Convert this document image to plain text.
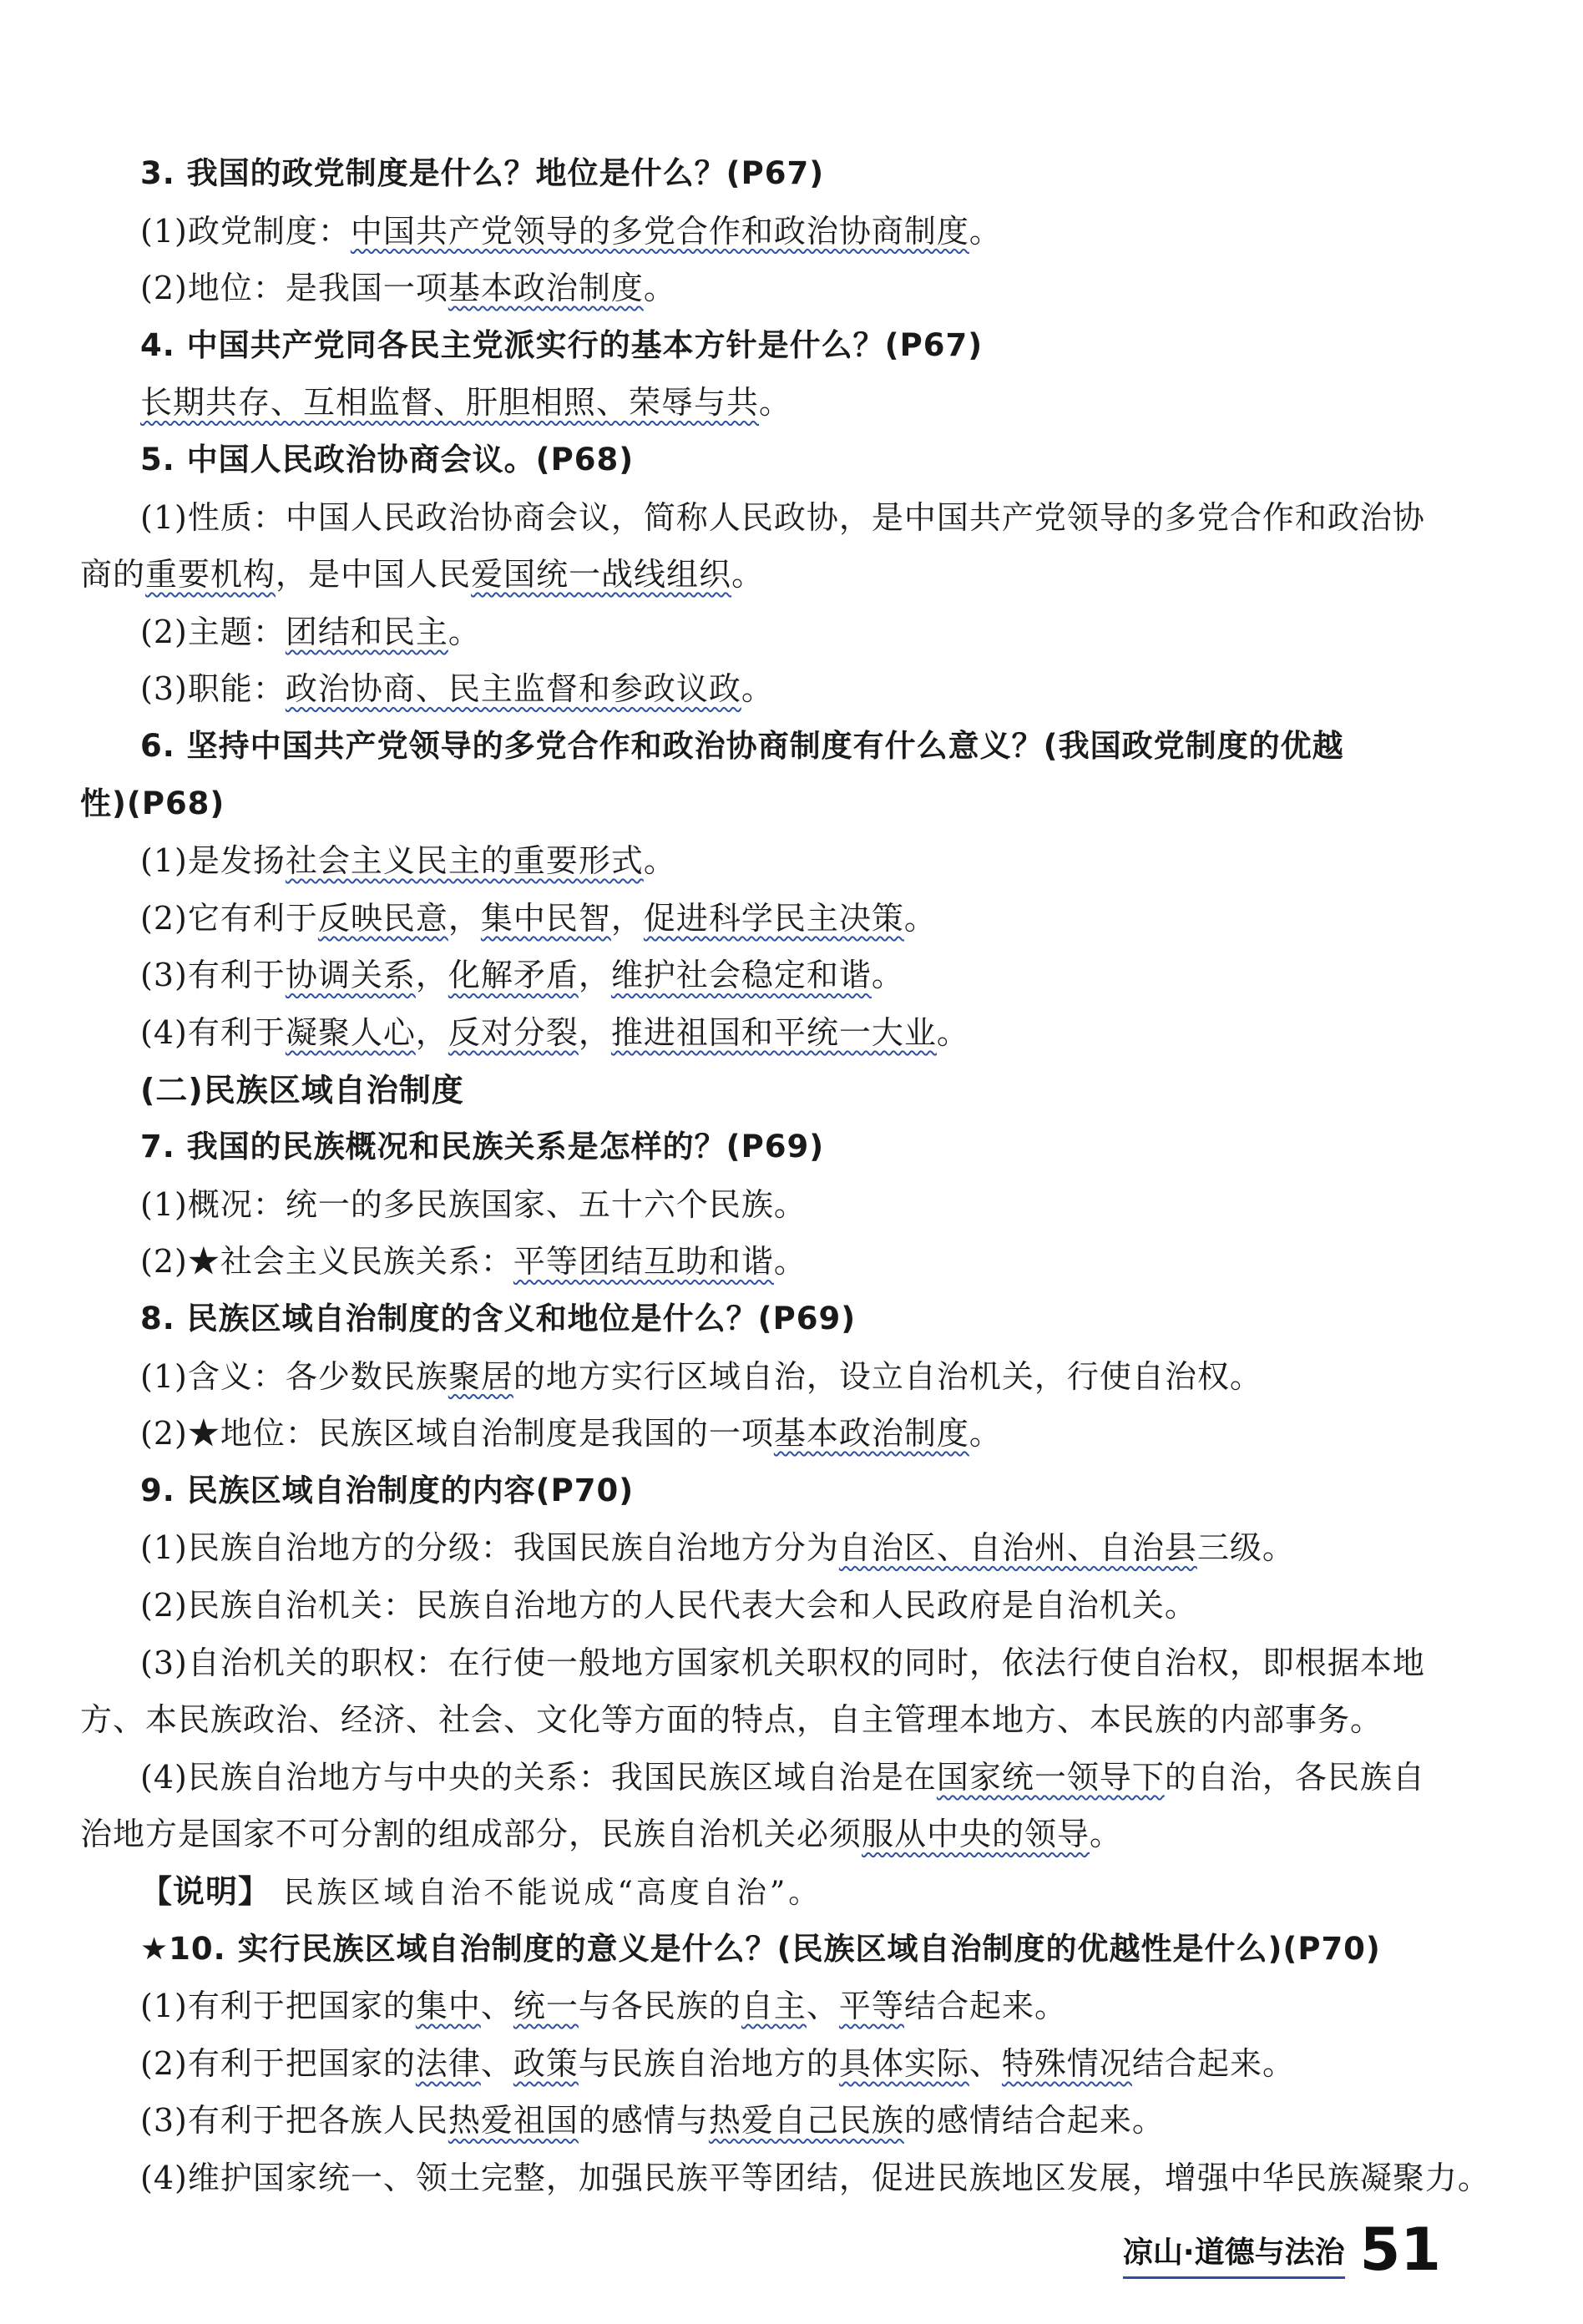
3. 我国的政党制度是什么？地位是什么？(P67)
(1)政党制度：中国共产党领导的多党合作和政治协商制度。
(2)地位：是我国一项基本政治制度。
4. 中国共产党同各民主党派实行的基本方针是什么？(P67)
长期共存、互相监督、肝胆相照、荣辱与共。
5. 中国人民政治协商会议。(P68)
(1)性质：中国人民政治协商会议，简称人民政协，是中国共产党领导的多党合作和政治协
商的重要机构，是中国人民爱国统一战线组织。
(2)主题：团结和民主。
(3)职能：政治协商、民主监督和参政议政。
6. 坚持中国共产党领导的多党合作和政治协商制度有什么意义？(我国政党制度的优越
性)(P68)
(1)是发扬社会主义民主的重要形式。
(2)它有利于反映民意，集中民智，促进科学民主决策。
(3)有利于协调关系，化解矛盾，维护社会稳定和谐。
(4)有利于凝聚人心，反对分裂，推进祖国和平统一大业。
(二)民族区域自治制度
7. 我国的民族概况和民族关系是怎样的？(P69)
(1)概况：统一的多民族国家、五十六个民族。
(2)★社会主义民族关系：平等团结互助和谐。
8. 民族区域自治制度的含义和地位是什么？(P69)
(1)含义：各少数民族聚居的地方实行区域自治，设立自治机关，行使自治权。
(2)★地位：民族区域自治制度是我国的一项基本政治制度。
9. 民族区域自治制度的内容(P70)
(1)民族自治地方的分级：我国民族自治地方分为自治区、自治州、自治县三级。
(2)民族自治机关：民族自治地方的人民代表大会和人民政府是自治机关。
(3)自治机关的职权：在行使一般地方国家机关职权的同时，依法行使自治权，即根据本地
方、本民族政治、经济、社会、文化等方面的特点，自主管理本地方、本民族的内部事务。
(4)民族自治地方与中央的关系：我国民族区域自治是在国家统一领导下的自治，各民族自
治地方是国家不可分割的组成部分，民族自治机关必须服从中央的领导。
【说明】 民族区域自治不能说成“高度自治”。
★10. 实行民族区域自治制度的意义是什么？(民族区域自治制度的优越性是什么)(P70)
(1)有利于把国家的集中、统一与各民族的自主、平等结合起来。
(2)有利于把国家的法律、政策与民族自治地方的具体实际、特殊情况结合起来。
(3)有利于把各族人民热爱祖国的感情与热爱自己民族的感情结合起来。
(4)维护国家统一、领土完整，加强民族平等团结，促进民族地区发展，增强中华民族凝聚力。
凉山·道德与法治 51
